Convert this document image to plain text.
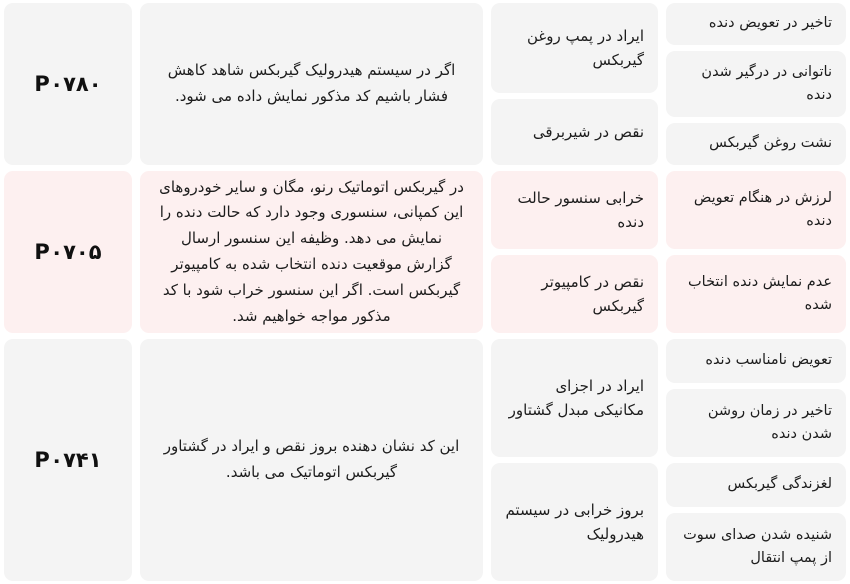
P۰۷۸۰
اگر در سیستم هیدرولیک گیربکس شاهد کاهش فشار باشیم کد مذکور نمایش داده می شود.
ایراد در پمپ روغن گیربکس
نقص در شیربرقی
تاخیر در تعویض دنده
ناتوانی در درگیر شدن دنده
نشت روغن گیربکس
P۰۷۰۵
در گیربکس اتوماتیک رنو، مگان و سایر خودروهای این کمپانی، سنسوری وجود دارد که حالت دنده را نمایش می دهد. وظیفه این سنسور ارسال گزارش موقعیت دنده انتخاب شده به کامپیوتر گیربکس است. اگر این سنسور خراب شود با کد مذکور مواجه خواهیم شد.
خرابی سنسور حالت دنده
نقص در کامپیوتر گیربکس
لرزش در هنگام تعویض دنده
عدم نمایش دنده انتخاب شده
P۰۷۴۱
این کد نشان دهنده بروز نقص و ایراد در گشتاور گیربکس اتوماتیک می باشد.
ایراد در اجزای مکانیکی مبدل گشتاور
بروز خرابی در سیستم هیدرولیک
تعویض نامناسب دنده
تاخیر در زمان روشن شدن دنده
لغزندگی گیربکس
شنیده شدن صدای سوت از پمپ انتقال
